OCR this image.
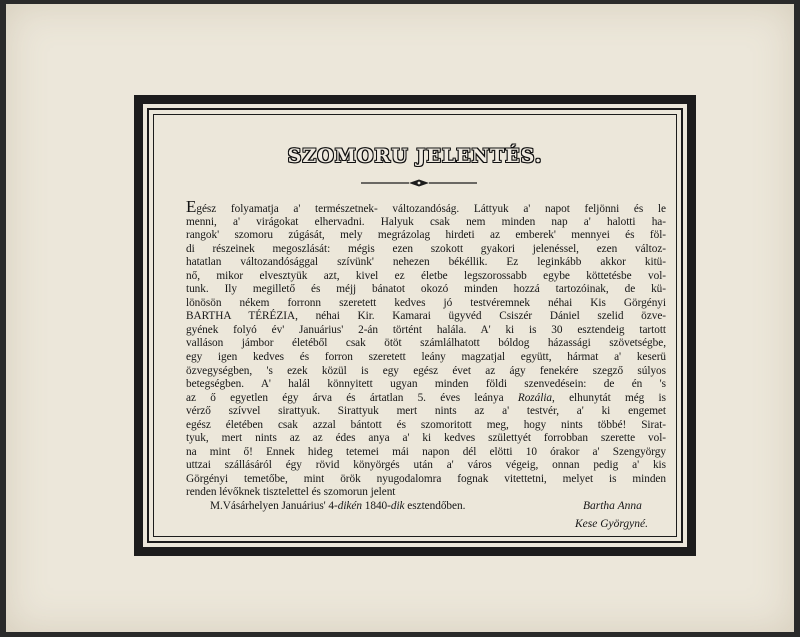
SZOMORU JELENTÉS.
Egész folyamatja a' természetnek- változandóság. Láttyuk a' napot feljönni és le
menni, a' virágokat elhervadni. Halyuk csak nem minden nap a' halotti ha-
rangok' szomoru zúgását, mely megrázolag hirdeti az emberek' mennyei és föl-
di részeinek megoszlását: mégis ezen szokott gyakori jelenéssel, ezen változ-
hatatlan változandósággal szívünk' nehezen békéllik. Ez leginkább akkor kitü-
nő, mikor elvesztyük azt, kivel ez életbe legszorossabb egybe köttetésbe vol-
tunk. Ily megillető és méjj bánatot okozó minden hozzá tartozóinak, de kü-
lönösön nékem forronn szeretett kedves jó testvéremnek néhai Kis Görgényi
BARTHA TÉRÉZIA, néhai Kir. Kamarai ügyvéd Csiszér Dániel szelid özve-
gyének folyó év' Januárius' 2-án történt halála. A' ki is 30 esztendeig tartott
valláson jámbor életéből csak ötöt számlálhatott bóldog házassági szövetségbe,
egy igen kedves és forron szeretett leány magzatjal együtt, hármat a' keserü
özvegységben, 's ezek közül is egy egész évet az ágy fenekére szegző súlyos
betegségben. A' halál könnyitett ugyan minden földi szenvedésein: de én 's
az ő egyetlen égy árva és ártatlan 5. éves leánya Rozália, elhunytát még is
vérző szívvel sirattyuk. Sirattyuk mert nints az a' testvér, a' ki engemet
egész életében csak azzal bántott és szomoritott meg, hogy nints többé! Sirat-
tyuk, mert nints az az édes anya a' ki kedves születtyét forrobban szerette vol-
na mint ő! Ennek hideg tetemei mái napon dél elötti 10 órakor a' Szengyörgy
uttzai szállásáról égy rövid könyörgés után a' város végeig, onnan pedig a' kis
Görgényi temetőbe, mint örök nyugodalomra fognak vitettetni, melyet is minden
renden lévőknek tisztelettel és szomorun jelent
M.Vásárhelyen Januárius' 4-dikén 1840-dik esztendőben.	Bartha Anna
Kese Györgyné.
